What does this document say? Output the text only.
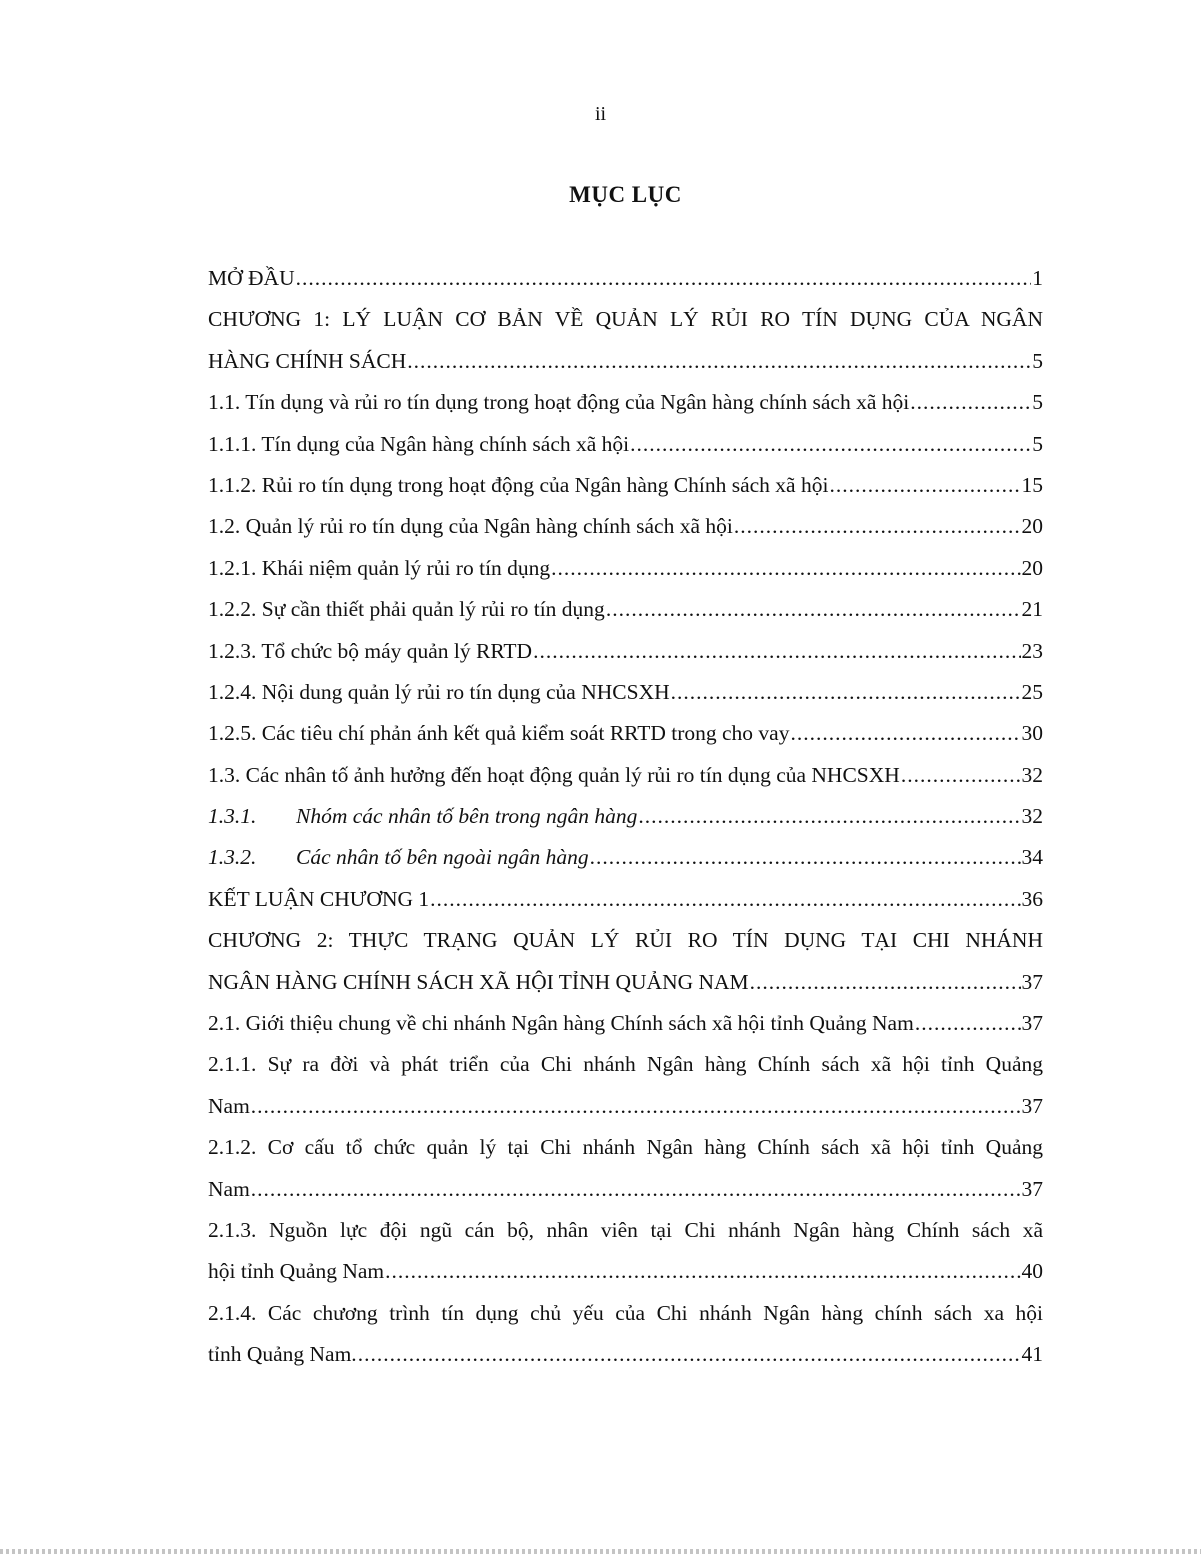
ii
MỤC LỤC
MỞ ĐẦU .....	1
CHƯƠNG 1: LÝ LUẬN CƠ BẢN VỀ QUẢN LÝ RỦI RO TÍN DỤNG CỦA NGÂN
HÀNG CHÍNH SÁCH .....	5
1.1. Tín dụng và rủi ro tín dụng trong hoạt động của Ngân hàng chính sách xã hội .....	5
1.1.1. Tín dụng của Ngân hàng chính sách xã hội .....	5
1.1.2. Rủi ro tín dụng trong hoạt động của Ngân hàng Chính sách xã hội .....	15
1.2. Quản lý rủi ro tín dụng của Ngân hàng chính sách xã hội .....	20
1.2.1. Khái niệm quản lý rủi ro tín dụng .....	20
1.2.2. Sự cần thiết phải quản lý rủi ro tín dụng .....	21
1.2.3. Tổ chức bộ máy quản lý RRTD .....	23
1.2.4. Nội dung quản lý rủi ro tín dụng của NHCSXH .....	25
1.2.5. Các tiêu chí phản ánh kết quả kiểm soát RRTD trong cho vay .....	30
1.3. Các nhân tố ảnh hưởng đến hoạt động quản lý rủi ro tín dụng của NHCSXH .....	32
1.3.1. Nhóm các nhân tố bên trong ngân hàng .....	32
1.3.2. Các nhân tố bên ngoài ngân hàng .....	34
KẾT LUẬN CHƯƠNG 1 .....	36
CHƯƠNG 2: THỰC TRẠNG QUẢN LÝ RỦI RO TÍN DỤNG TẠI CHI NHÁNH
NGÂN HÀNG CHÍNH SÁCH XÃ HỘI TỈNH QUẢNG NAM .....	37
2.1. Giới thiệu chung về chi nhánh Ngân hàng Chính sách xã hội tỉnh Quảng Nam .....	37
2.1.1. Sự ra đời và phát triển của Chi nhánh Ngân hàng Chính sách xã hội tỉnh Quảng
Nam .....	37
2.1.2. Cơ cấu tổ chức quản lý tại Chi nhánh Ngân hàng Chính sách xã hội tỉnh Quảng
Nam .....	37
2.1.3. Nguồn lực đội ngũ cán bộ, nhân viên tại Chi nhánh Ngân hàng Chính sách xã
hội tỉnh Quảng Nam .....	40
2.1.4. Các chương trình tín dụng chủ yếu của Chi nhánh Ngân hàng chính sách xa hội
tỉnh Quảng Nam. .....	41
